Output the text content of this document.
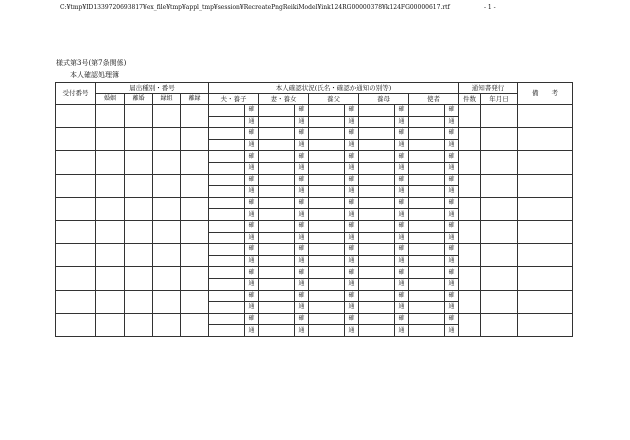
C:¥tmp¥ID1339720693817¥ex_file¥tmp¥appl_tmp¥session¥RecreatePngReikiModel¥ink124RG00000378¥k124FG00000617.rtf	- 1 -
様式第3号(第7条関係)
本人確認処理簿
受付番号	届出種別・番号				本人確認状況(氏名・確認か通知の別等)										通知書発行		備　　考
	婚姻	離婚	縁組	離縁	夫・養子		妻・養女		養父		養母		使者		件数	年月日	
						確		確		確		確		確			
						通		通		通		通		通			
						確		確		確		確		確			
						通		通		通		通		通			
						確		確		確		確		確			
						通		通		通		通		通			
						確		確		確		確		確			
						通		通		通		通		通			
						確		確		確		確		確			
						通		通		通		通		通			
						確		確		確		確		確			
						通		通		通		通		通			
						確		確		確		確		確			
						通		通		通		通		通			
						確		確		確		確		確			
						通		通		通		通		通			
						確		確		確		確		確			
						通		通		通		通		通			
						確		確		確		確		確			
						通		通		通		通		通			
